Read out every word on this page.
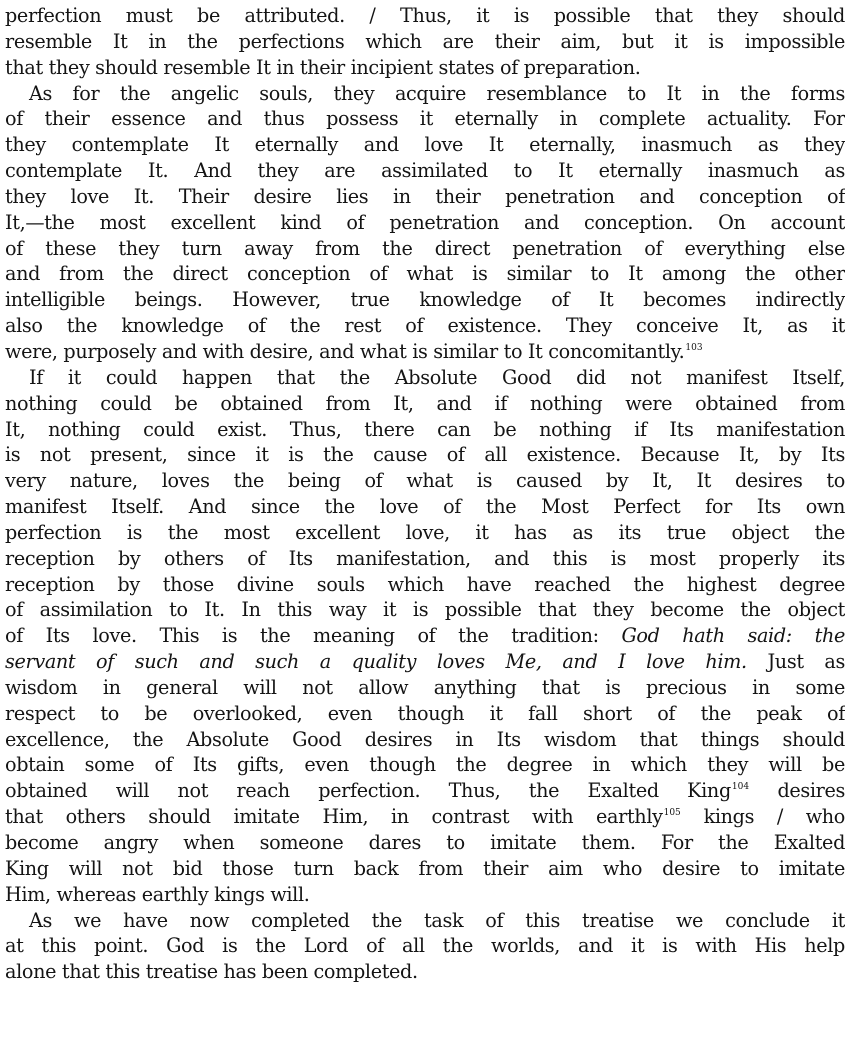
perfection must be attributed. / Thus, it is possible that they should
resemble It in the perfections which are their aim, but it is impossible
that they should resemble It in their incipient states of preparation.
As for the angelic souls, they acquire resemblance to It in the forms
of their essence and thus possess it eternally in complete actuality. For
they contemplate It eternally and love It eternally, inasmuch as they
contemplate It. And they are assimilated to It eternally inasmuch as
they love It. Their desire lies in their penetration and conception of
It,—the most excellent kind of penetration and conception. On account
of these they turn away from the direct penetration of everything else
and from the direct conception of what is similar to It among the other
intelligible beings. However, true knowledge of It becomes indirectly
also the knowledge of the rest of existence. They conceive It, as it
were, purposely and with desire, and what is similar to It concomitantly.$^{103}$
If it could happen that the Absolute Good did not manifest Itself,
nothing could be obtained from It, and if nothing were obtained from
It, nothing could exist. Thus, there can be nothing if Its manifestation
is not present, since it is the cause of all existence. Because It, by Its
very nature, loves the being of what is caused by It, It desires to
manifest Itself. And since the love of the Most Perfect for Its own
perfection is the most excellent love, it has as its true object the
reception by others of Its manifestation, and this is most properly its
reception by those divine souls which have reached the highest degree
of assimilation to It. In this way it is possible that they become the object
of Its love. This is the meaning of the tradition: God hath said: the
servant of such and such a quality loves Me, and I love him. Just as
wisdom in general will not allow anything that is precious in some
respect to be overlooked, even though it fall short of the peak of
excellence, the Absolute Good desires in Its wisdom that things should
obtain some of Its gifts, even though the degree in which they will be
obtained will not reach perfection. Thus, the Exalted King$^{104}$ desires
that others should imitate Him, in contrast with earthly$^{105}$ kings / who
become angry when someone dares to imitate them. For the Exalted
King will not bid those turn back from their aim who desire to imitate
Him, whereas earthly kings will.
As we have now completed the task of this treatise we conclude it
at this point. God is the Lord of all the worlds, and it is with His help
alone that this treatise has been completed.
